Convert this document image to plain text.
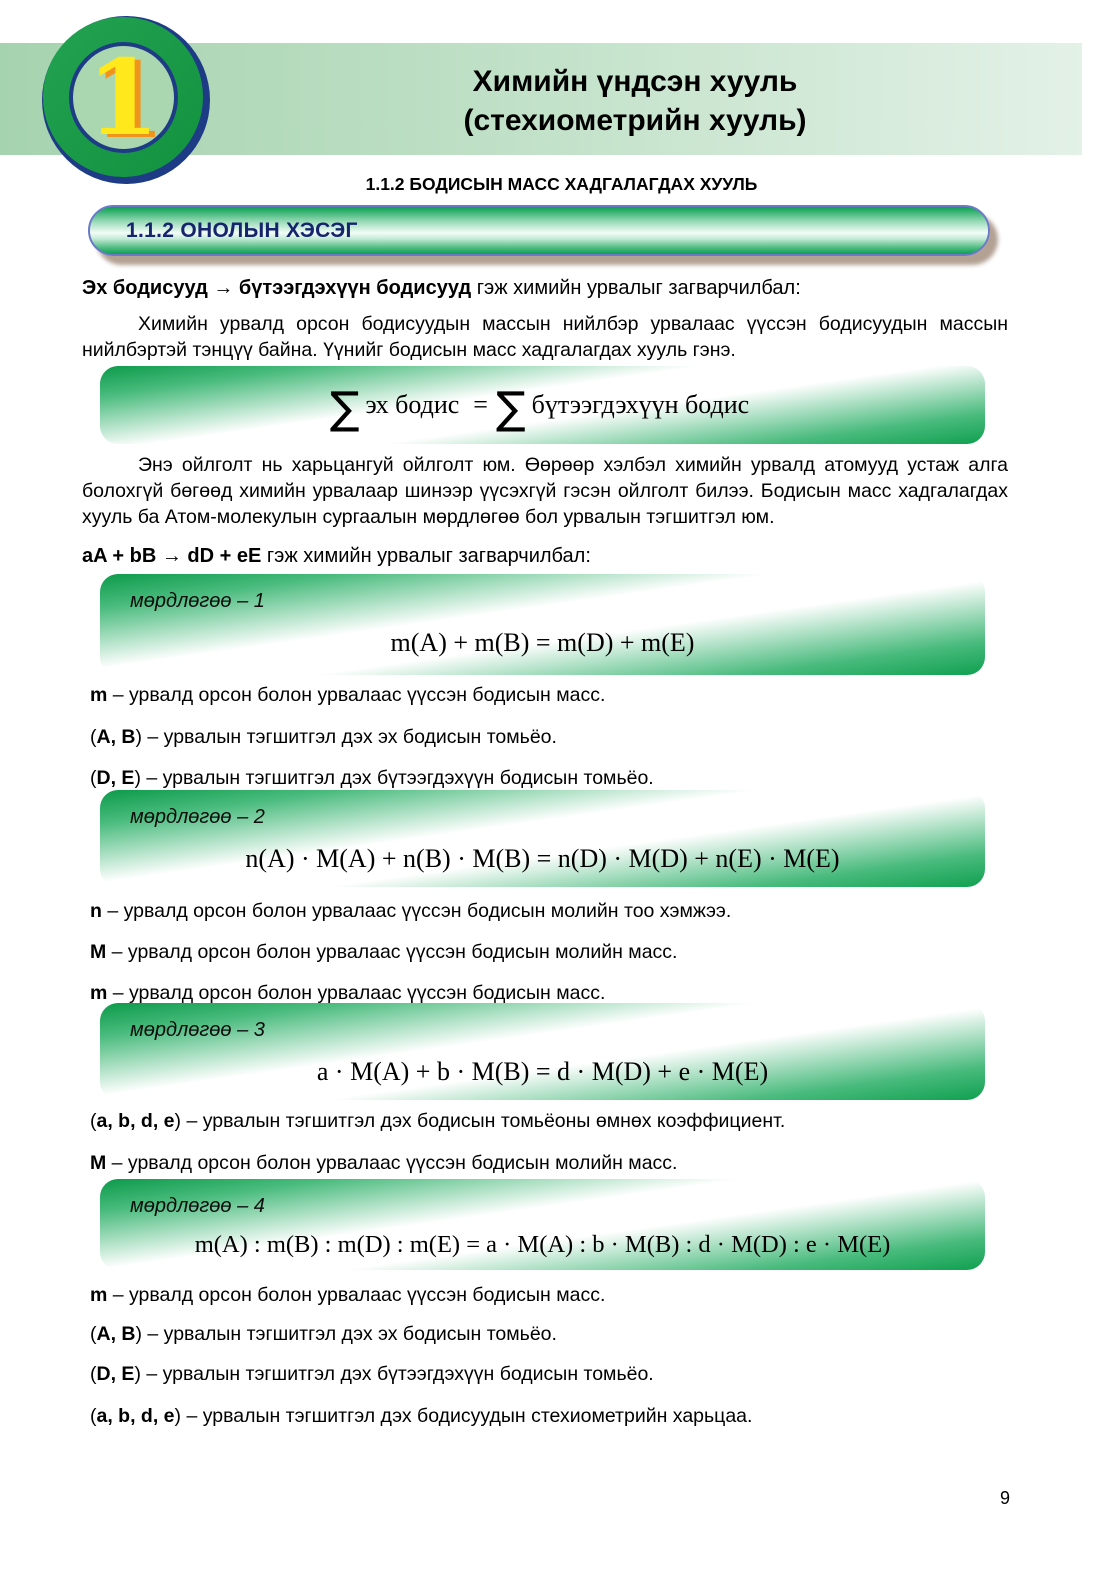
1	Химийн үндсэн хууль
(стехиометрийн хууль)
1.1.2 БОДИСЫН МАСС ХАДГАЛАГДАХ ХУУЛЬ
1.1.2 ОНОЛЫН ХЭСЭГ
Эх бодисууд → бүтээгдэхүүн бодисууд гэж химийн урвалыг загварчилбал:
Химийн урвалд орсон бодисуудын массын нийлбэр урвалаас үүссэн бодисуудын массын нийлбэртэй тэнцүү байна. Үүнийг бодисын масс хадгалагдах хууль гэнэ.
∑ эх бодис = ∑ бүтээгдэхүүн бодис
Энэ ойлголт нь харьцангуй ойлголт юм. Өөрөөр хэлбэл химийн урвалд атомууд устаж алга болохгүй бөгөөд химийн урвалаар шинээр үүсэхгүй гэсэн ойлголт билээ. Бодисын масс хадгалагдах хууль ба Атом-молекулын сургаалын мөрдлөгөө бол урвалын тэгшитгэл юм.
aA + bB → dD + eE гэж химийн урвалыг загварчилбал:
мөрдлөгөө – 1
m(A) + m(B) = m(D) + m(E)
мөрдлөгөө – 2
n(A) · M(A) + n(B) · M(B) = n(D) · M(D) + n(E) · M(E)
мөрдлөгөө – 3
a · M(A) + b · M(B) = d · M(D) + e · M(E)
мөрдлөгөө – 4
m(A) : m(B) : m(D) : m(E) = a · M(A) : b · M(B) : d · M(D) : e · M(E)
m – урвалд орсон болон урвалаас үүссэн бодисын масс.
(A, B) – урвалын тэгшитгэл дэх эх бодисын томьёо.
(D, E) – урвалын тэгшитгэл дэх бүтээгдэхүүн бодисын томьёо.
n – урвалд орсон болон урвалаас үүссэн бодисын молийн тоо хэмжээ.
M – урвалд орсон болон урвалаас үүссэн бодисын молийн масс.
m – урвалд орсон болон урвалаас үүссэн бодисын масс.
(a, b, d, e) – урвалын тэгшитгэл дэх бодисын томьёоны өмнөх коэффициент.
M – урвалд орсон болон урвалаас үүссэн бодисын молийн масс.
m – урвалд орсон болон урвалаас үүссэн бодисын масс.
(A, B) – урвалын тэгшитгэл дэх эх бодисын томьёо.
(D, E) – урвалын тэгшитгэл дэх бүтээгдэхүүн бодисын томьёо.
(a, b, d, e) – урвалын тэгшитгэл дэх бодисуудын стехиометрийн харьцаа.
9
